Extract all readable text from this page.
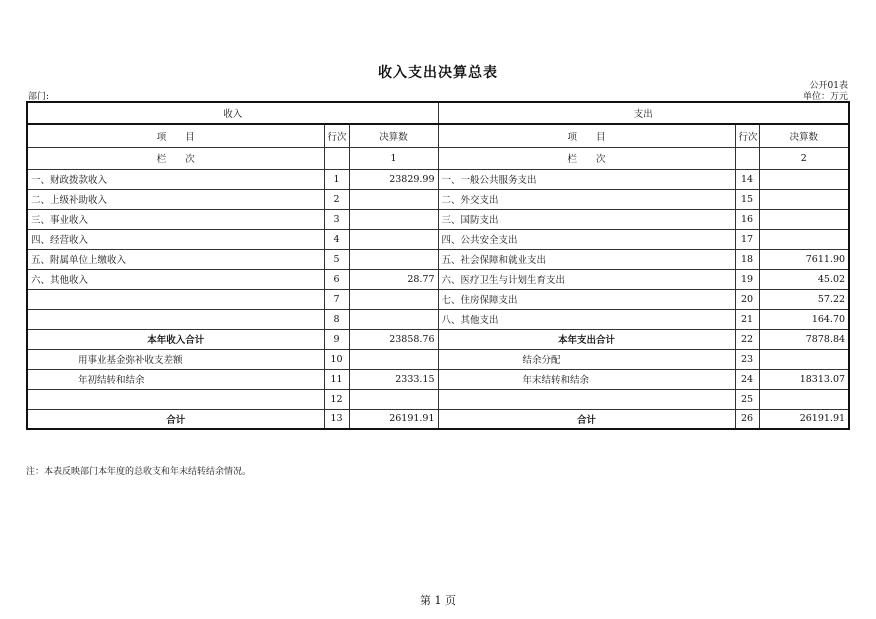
收入支出决算总表
公开01表
部门:	单位：万元
收入			支出		
项　　目	行次	决算数	项　　目	行次	决算数
栏　　次		1	栏　　次		2
一、财政拨款收入	1	23829.99	一、一般公共服务支出	14	
二、上级补助收入	2		二、外交支出	15	
三、事业收入	3		三、国防支出	16	
四、经营收入	4		四、公共安全支出	17	
五、附属单位上缴收入	5		五、社会保障和就业支出	18	7611.90
六、其他收入	6	28.77	六、医疗卫生与计划生育支出	19	45.02
	7		七、住房保障支出	20	57.22
	8		八、其他支出	21	164.70
本年收入合计	9	23858.76	本年支出合计	22	7878.84
用事业基金弥补收支差额	10		结余分配	23	
年初结转和结余	11	2333.15	年末结转和结余	24	18313.07
	12			25	
合计	13	26191.91	合计	26	26191.91
注：本表反映部门本年度的总收支和年末结转结余情况。
第 1 页
